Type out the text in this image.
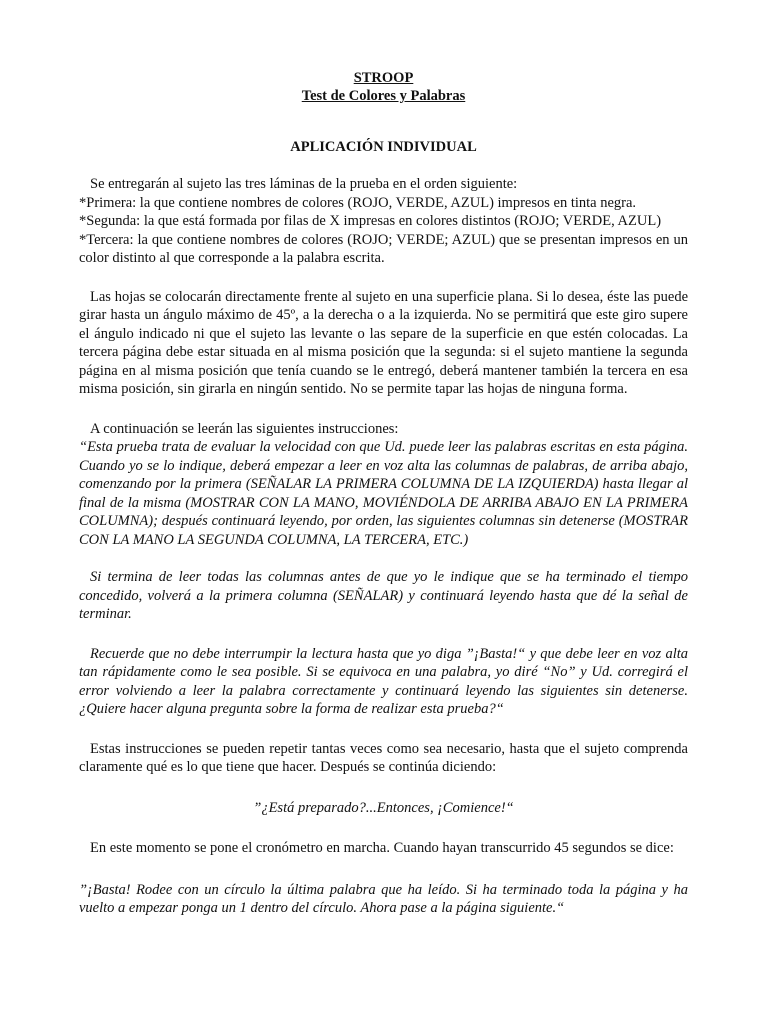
STROOP
Test de Colores y Palabras
APLICACIÓN INDIVIDUAL

Se entregarán al sujeto las tres láminas de la prueba en el orden siguiente:

*Primera: la que contiene nombres de colores (ROJO, VERDE, AZUL) impresos en tinta negra.

*Segunda: la que está formada por filas de X impresas en colores distintos (ROJO; VERDE, AZUL)

*Tercera: la que contiene nombres de colores (ROJO; VERDE; AZUL) que se presentan impresos en un color distinto al que corresponde a la palabra escrita.

Las hojas se colocarán directamente frente al sujeto en una superficie plana. Si lo desea, éste las puede girar hasta un ángulo máximo de 45º, a la derecha o a la izquierda. No se permitirá que este giro supere el ángulo indicado ni que el sujeto las levante o las separe de la superficie en que estén colocadas. La tercera página debe estar situada en al misma posición que la segunda: si el sujeto mantiene la segunda página en al misma posición que tenía cuando se le entregó, deberá mantener también la tercera en esa misma posición, sin girarla en ningún sentido. No se permite tapar las hojas de ninguna forma.

A continuación se leerán las siguientes instrucciones:

“Esta prueba trata de evaluar la velocidad con que Ud. puede leer las palabras escritas en esta página. Cuando yo se lo indique, deberá empezar a leer en voz alta las columnas de palabras, de arriba abajo, comenzando por la primera (SEÑALAR LA PRIMERA COLUMNA DE LA IZQUIERDA) hasta llegar al final de la misma (MOSTRAR CON LA MANO, MOVIÉNDOLA DE ARRIBA ABAJO EN LA PRIMERA COLUMNA); después continuará leyendo, por orden, las siguientes columnas sin detenerse (MOSTRAR CON LA MANO LA SEGUNDA COLUMNA, LA TERCERA, ETC.)

Si termina de leer todas las columnas antes de que yo le indique que se ha terminado el tiempo concedido, volverá a la primera columna (SEÑALAR) y continuará leyendo hasta que dé la señal de terminar.

Recuerde que no debe interrumpir la lectura hasta que yo diga ”¡Basta!“ y que debe leer en voz alta tan rápidamente como le sea posible. Si se equivoca en una palabra, yo diré “No” y Ud. corregirá el error volviendo a leer la palabra correctamente y continuará leyendo las siguientes sin detenerse. ¿Quiere hacer alguna pregunta sobre la forma de realizar esta prueba?“

Estas instrucciones se pueden repetir tantas veces como sea necesario, hasta que el sujeto comprenda claramente qué es lo que tiene que hacer. Después se continúa diciendo:

”¿Está preparado?...Entonces, ¡Comience!“

En este momento se pone el cronómetro en marcha. Cuando hayan transcurrido 45 segundos se dice:

”¡Basta! Rodee con un círculo la última palabra que ha leído. Si ha terminado toda la página y ha vuelto a empezar ponga un 1 dentro del círculo. Ahora pase a la página siguiente.“
